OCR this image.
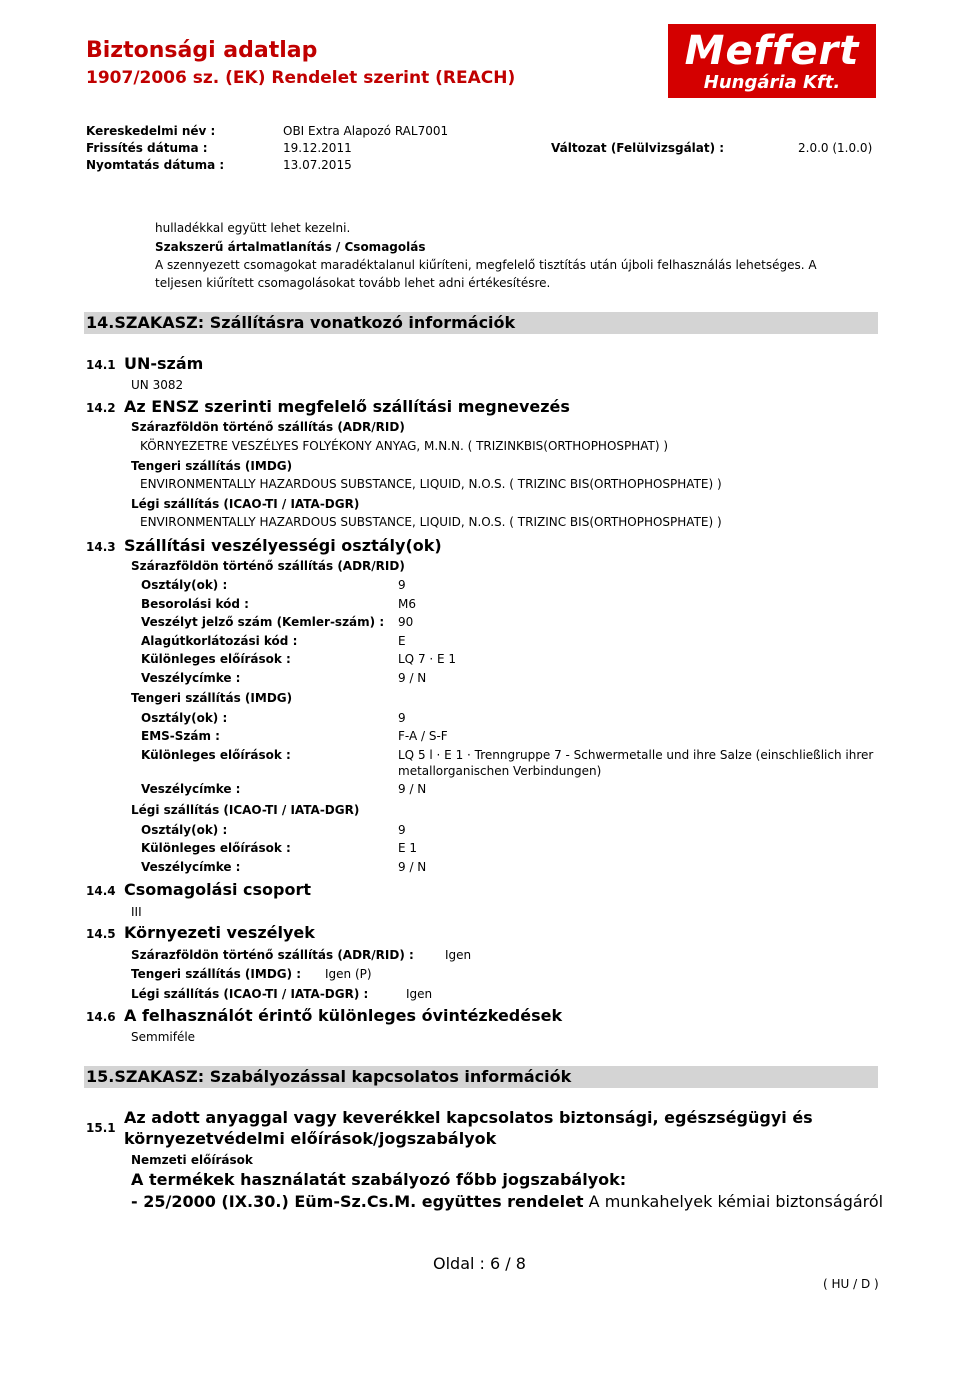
Biztonsági adatlap
1907/2006 sz. (EK) Rendelet szerint (REACH)
Meffert
Hungária Kft.
Kereskedelmi név :	OBI Extra Alapozó RAL7001
Frissítés dátuma :	19.12.2011	Változat (Felülvizsgálat) :	2.0.0 (1.0.0)
Nyomtatás dátuma :	13.07.2015
hulladékkal együtt lehet kezelni.
Szakszerű ártalmatlanítás / Csomagolás
A szennyezett csomagokat maradéktalanul kiűríteni, megfelelő tisztítás után újboli felhasználás lehetséges. A
teljesen kiűrített csomagolásokat tovább lehet adni értékesítésre.
14.SZAKASZ: Szállításra vonatkozó információk
14.1 UN-szám
UN 3082
14.2 Az ENSZ szerinti megfelelő szállítási megnevezés
Szárazföldön történő szállítás (ADR/RID)
KÖRNYEZETRE VESZÉLYES FOLYÉKONY ANYAG, M.N.N. ( TRIZINKBIS(ORTHOPHOSPHAT) )
Tengeri szállítás (IMDG)
ENVIRONMENTALLY HAZARDOUS SUBSTANCE, LIQUID, N.O.S. ( TRIZINC BIS(ORTHOPHOSPHATE) )
Légi szállítás (ICAO-TI / IATA-DGR)
ENVIRONMENTALLY HAZARDOUS SUBSTANCE, LIQUID, N.O.S. ( TRIZINC BIS(ORTHOPHOSPHATE) )
14.3 Szállítási veszélyességi osztály(ok)
Szárazföldön történő szállítás (ADR/RID)
Osztály(ok) :	9
Besorolási kód :	M6
Veszélyt jelző szám (Kemler-szám) : 90
Alagútkorlátozási kód :	E
Különleges előírások :	LQ 7 · E 1
Veszélycímke :	9 / N
Tengeri szállítás (IMDG)
Osztály(ok) :	9
EMS-Szám :	F-A / S-F
Különleges előírások :	LQ 5 l · E 1 · Trenngruppe 7 - Schwermetalle und ihre Salze (einschließlich ihrer
metallorganischen Verbindungen)
Veszélycímke :	9 / N
Légi szállítás (ICAO-TI / IATA-DGR)
Osztály(ok) :	9
Különleges előírások :	E 1
Veszélycímke :	9 / N
14.4 Csomagolási csoport
III
14.5 Környezeti veszélyek
Szárazföldön történő szállítás (ADR/RID) :	Igen
Tengeri szállítás (IMDG) : Igen (P)
Légi szállítás (ICAO-TI / IATA-DGR) :	Igen
14.6 A felhasználót érintő különleges óvintézkedések
Semmiféle
15.SZAKASZ: Szabályozással kapcsolatos információk
15.1
Az adott anyaggal vagy keverékkel kapcsolatos biztonsági, egészségügyi és
környezetvédelmi előírások/jogszabályok
Nemzeti előírások
A termékek használatát szabályozó főbb jogszabályok:
- 25/2000 (IX.30.) Eüm-Sz.Cs.M. együttes rendelet A munkahelyek kémiai biztonságáról
Oldal : 6 / 8
( HU / D )
